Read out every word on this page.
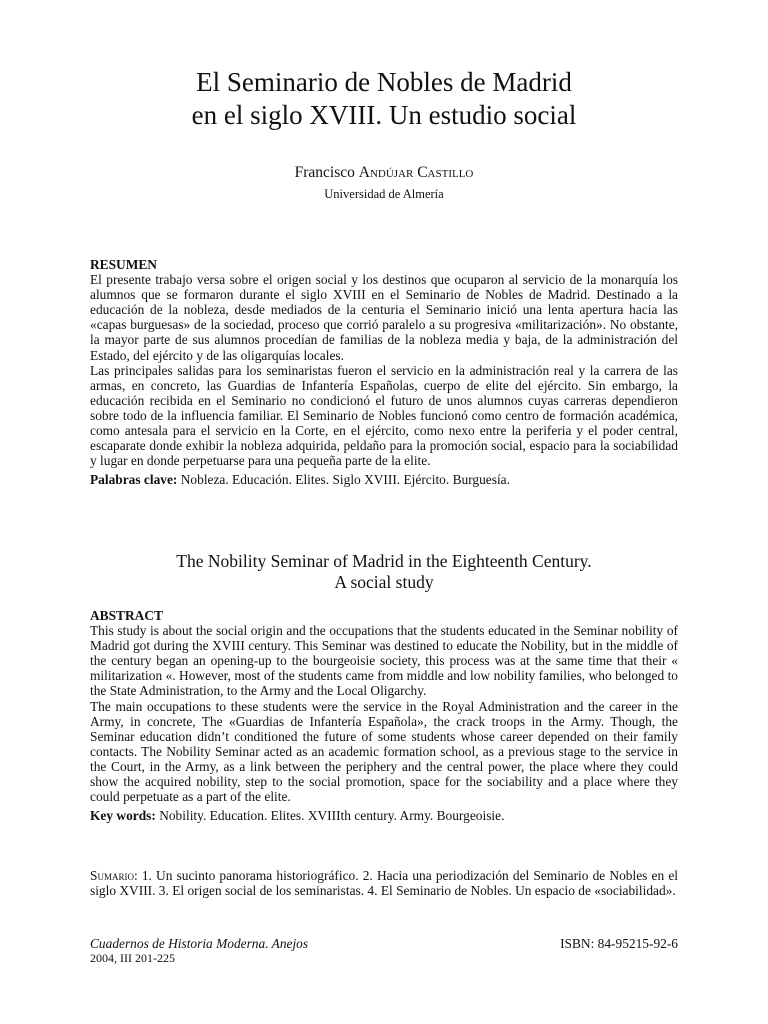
El Seminario de Nobles de Madrid
en el siglo XVIII. Un estudio social
Francisco Andújar Castillo
Universidad de Almería
RESUMEN

El presente trabajo versa sobre el origen social y los destinos que ocuparon al servicio de la monarquía los alumnos que se formaron durante el siglo XVIII en el Seminario de Nobles de Madrid. Destinado a la educación de la nobleza, desde mediados de la centuria el Seminario inició una lenta apertura hacia las «capas burguesas» de la sociedad, proceso que corrió paralelo a su progresiva «militarización». No obstante, la mayor parte de sus alumnos procedían de familias de la nobleza media y baja, de la administración del Estado, del ejército y de las oligarquías locales.

Las principales salidas para los seminaristas fueron el servicio en la administración real y la carrera de las armas, en concreto, las Guardias de Infantería Españolas, cuerpo de elite del ejército. Sin embargo, la educación recibida en el Seminario no condicionó el futuro de unos alumnos cuyas carreras dependieron sobre todo de la influencia familiar. El Seminario de Nobles funcionó como centro de formación académica, como antesala para el servicio en la Corte, en el ejército, como nexo entre la periferia y el poder central, escaparate donde exhibir la nobleza adquirida, peldaño para la promoción social, espacio para la sociabilidad y lugar en donde perpetuarse para una pequeña parte de la elite.

Palabras clave: Nobleza. Educación. Elites. Siglo XVIII. Ejército. Burguesía.

The Nobility Seminar of Madrid in the Eighteenth Century.
A social study
ABSTRACT

This study is about the social origin and the occupations that the students educated in the Seminar nobility of Madrid got during the XVIII century. This Seminar was destined to educate the Nobility, but in the middle of the century began an opening-up to the bourgeoisie society, this process was at the same time that their « militarization «. However, most of the students came from middle and low nobility families, who belonged to the State Administration, to the Army and the Local Oligarchy.

The main occupations to these students were the service in the Royal Administration and the career in the Army, in concrete, The «Guardias de Infantería Española», the crack troops in the Army. Though, the Seminar education didn’t conditioned the future of some students whose career depended on their family contacts. The Nobility Seminar acted as an academic formation school, as a previous stage to the service in the Court, in the Army, as a link between the periphery and the central power, the place where they could show the acquired nobility, step to the social promotion, space for the sociability and a place where they could perpetuate as a part of the elite.

Key words: Nobility. Education. Elites. XVIIIth century. Army. Bourgeoisie.

Sumario: 1. Un sucinto panorama historiográfico. 2. Hacia una periodización del Seminario de Nobles en el siglo XVIII. 3. El origen social de los seminaristas. 4. El Seminario de Nobles. Un espacio de «sociabilidad».

Cuadernos de Historia Moderna. Anejos
2004, III 201-225
ISBN: 84-95215-92-6
